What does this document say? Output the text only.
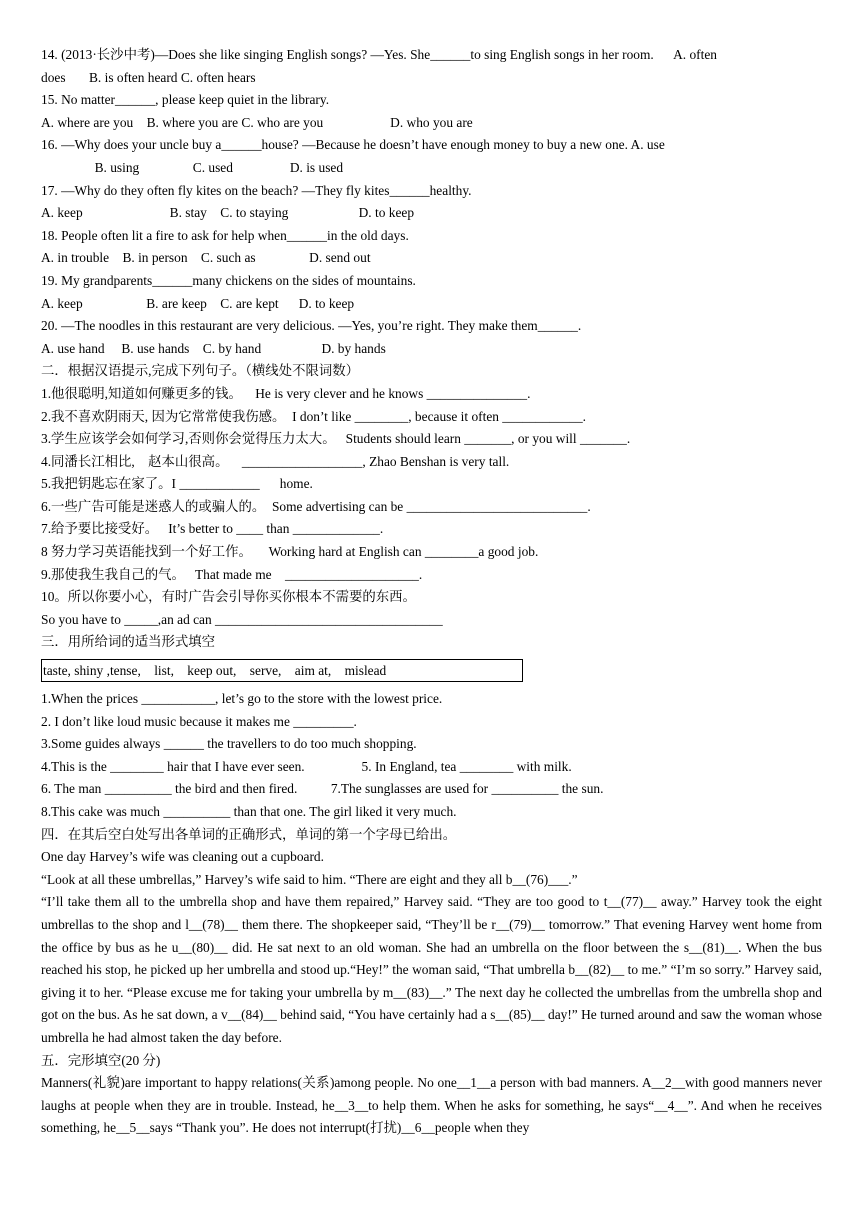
14. (2013·长沙中考)—Does she like singing English songs? —Yes. She______to sing English songs in her room.      A. often
does       B. is often heard C. often hears
15. No matter______, please keep quiet in the library.
A. where are you    B. where you are C. who are you                    D. who you are
16. —Why does your uncle buy a______house? —Because he doesn’t have enough money to buy a new one. A. use
B. using                C. used                 D. is used
17. —Why do they often fly kites on the beach? —They fly kites______healthy.
A. keep                          B. stay    C. to staying                     D. to keep
18. People often lit a fire to ask for help when______in the old days.
A. in trouble    B. in person    C. such as                D. send out
19. My grandparents______many chickens on the sides of mountains.
A. keep                   B. are keep    C. are kept      D. to keep
20. —The noodles in this restaurant are very delicious. —Yes, you’re right. They make them______.
A. use hand     B. use hands    C. by hand                  D. by hands
二．根据汉语提示,完成下列句子。（横线处不限词数）
1.他很聪明,知道如何赚更多的钱。    He is very clever and he knows _______________.
2.我不喜欢阴雨天, 因为它常常使我伤感。  I don’t like ________, because it often ____________.
3.学生应该学会如何学习,否则你会觉得压力太大。   Students should learn _______, or you will _______.
4.同潘长江相比,    赵本山很高。    __________________, Zhao Benshan is very tall.
5.我把钥匙忘在家了。I ____________      home.
6.一些广告可能是迷惑人的或骗人的。  Some advertising can be ___________________________.
7.给予要比接受好。   It’s better to ____ than _____________.
8 努力学习英语能找到一个好工作。     Working hard at English can ________a good job.
9.那使我生我自己的气。   That made me    ____________________.
10。所以你要小心，有时广告会引导你买你根本不需要的东西。
So you have to _____,an ad can __________________________________
三．用所给词的适当形式填空
taste, shiny ,tense,    list,    keep out,    serve,    aim at,    mislead
1.When the prices ___________, let’s go to the store with the lowest price.
2. I don’t like loud music because it makes me _________.
3.Some guides always ______ the travellers to do too much shopping.
4.This is the ________ hair that I have ever seen.                 5. In England, tea ________ with milk.
6. The man __________ the bird and then fired.          7.The sunglasses are used for __________ the sun.
8.This cake was much __________ than that one. The girl liked it very much.
四．在其后空白处写出各单词的正确形式，单词的第一个字母已给出。
One day Harvey’s wife was cleaning out a cupboard.
“Look at all these umbrellas,” Harvey’s wife said to him. “There are eight and they all b__(76)___.”
“I’ll take them all to the umbrella shop and have them repaired,” Harvey said. “They are too good to t__(77)__ away.” Harvey took the eight umbrellas to the shop and l__(78)__ them there. The shopkeeper said, “They’ll be r__(79)__ tomorrow.” That evening Harvey went home from the office by bus as he u__(80)__ did. He sat next to an old woman. She had an umbrella on the floor between the s__(81)__. When the bus reached his stop, he picked up her umbrella and stood up.“Hey!” the woman said, “That umbrella b__(82)__ to me.” “I’m so sorry.” Harvey said, giving it to her. “Please excuse me for taking your umbrella by m__(83)__.” The next day he collected the umbrellas from the umbrella shop and got on the bus. As he sat down, a v__(84)__ behind said, “You have certainly had a s__(85)__ day!” He turned around and saw the woman whose umbrella he had almost taken the day before.
五．完形填空(20 分)
Manners(礼貌)are important to happy relations(关系)among people. No one__1__a person with bad manners. A__2__with good manners never laughs at people when they are in trouble. Instead, he__3__to help them. When he asks for something, he says“__4__”. And when he receives something, he__5__says “Thank you”. He does not interrupt(打扰)__6__people when they
